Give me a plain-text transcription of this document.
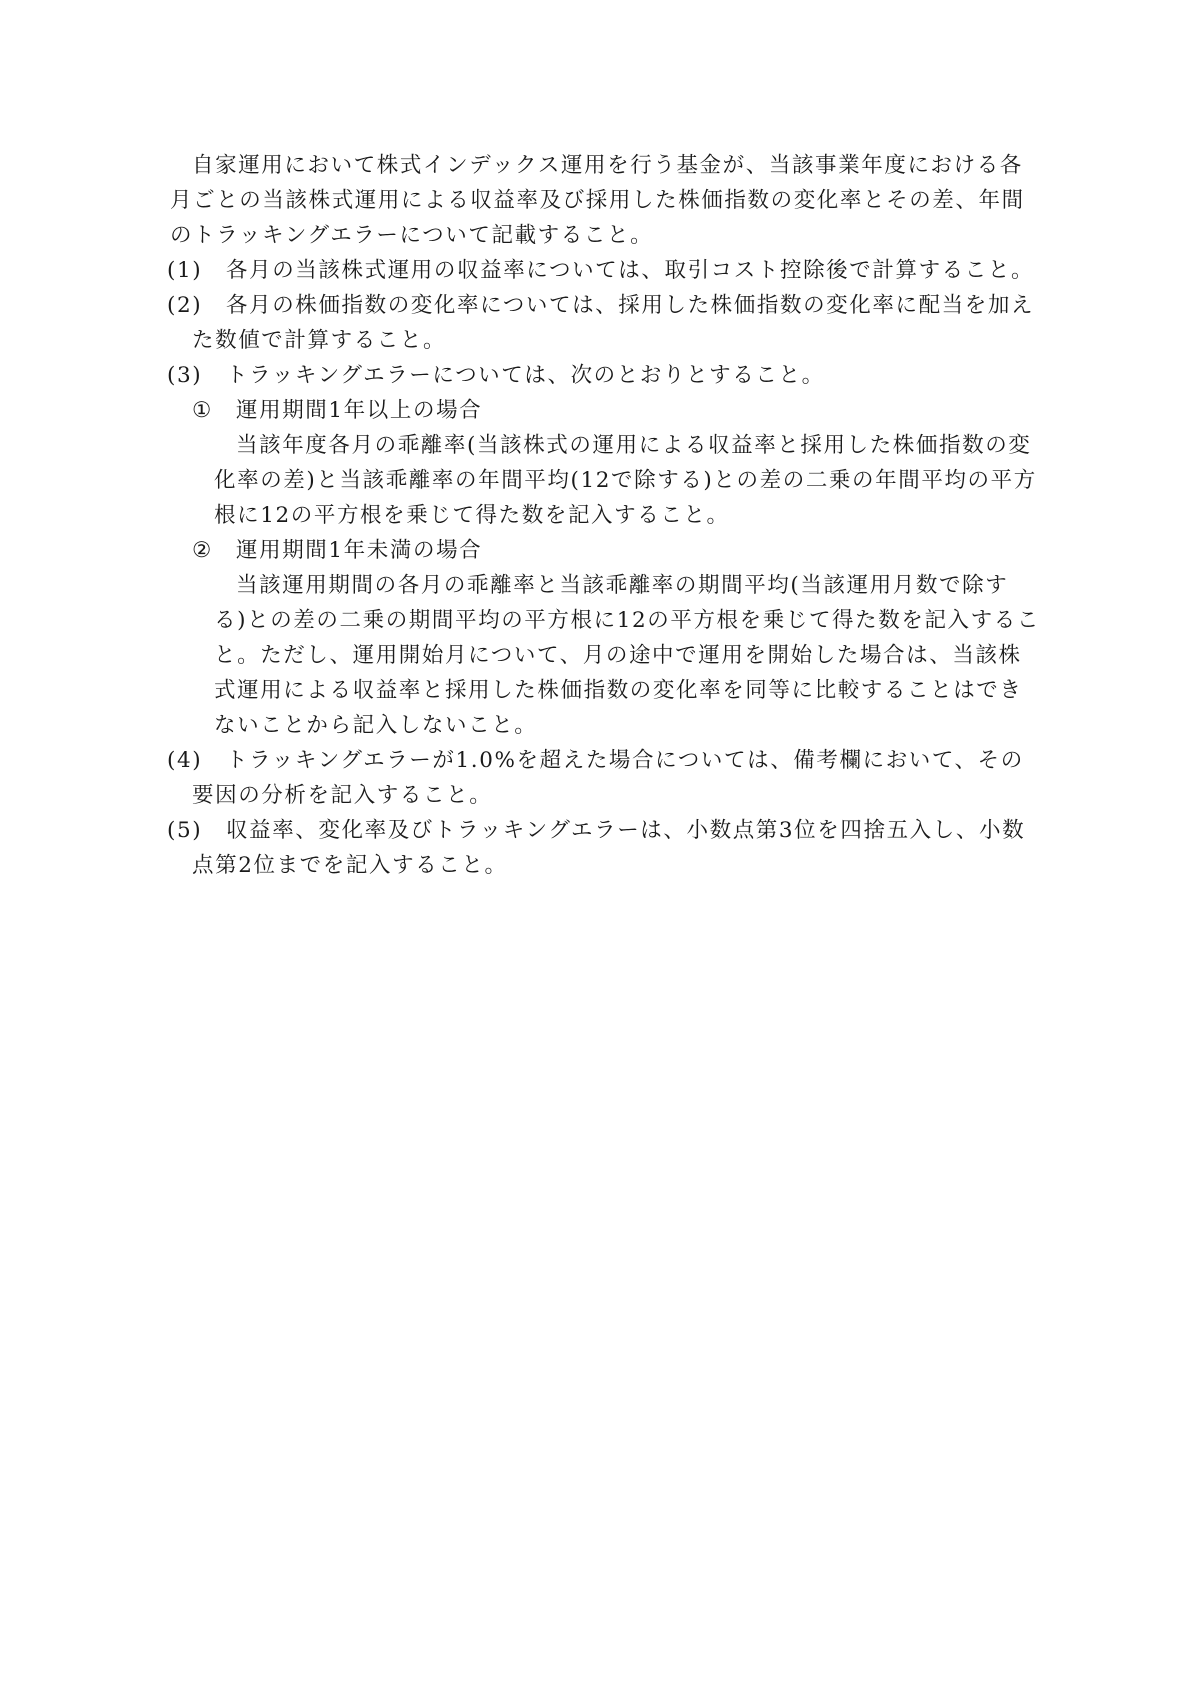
自家運用において株式インデックス運用を行う基金が、当該事業年度における各月ごとの当該株式運用による収益率及び採用した株価指数の変化率とその差、年間のトラッキングエラーについて記載すること。

(1)	各月の当該株式運用の収益率については、取引コスト控除後で計算すること。
(2)	各月の株価指数の変化率については、採用した株価指数の変化率に配当を加えた数値で計算すること。
(3)	トラッキングエラーについては、次のとおりとすること。
①	運用期間1年以上の場合

当該年度各月の乖離率(当該株式の運用による収益率と採用した株価指数の変化率の差)と当該乖離率の年間平均(12で除する)との差の二乗の年間平均の平方根に12の平方根を乗じて得た数を記入すること。

②	運用期間1年未満の場合

当該運用期間の各月の乖離率と当該乖離率の期間平均(当該運用月数で除する)との差の二乗の期間平均の平方根に12の平方根を乗じて得た数を記入すること。ただし、運用開始月について、月の途中で運用を開始した場合は、当該株式運用による収益率と採用した株価指数の変化率を同等に比較することはできないことから記入しないこと。

(4)	トラッキングエラーが1.0%を超えた場合については、備考欄において、その要因の分析を記入すること。
(5)	収益率、変化率及びトラッキングエラーは、小数点第3位を四捨五入し、小数点第2位までを記入すること。
